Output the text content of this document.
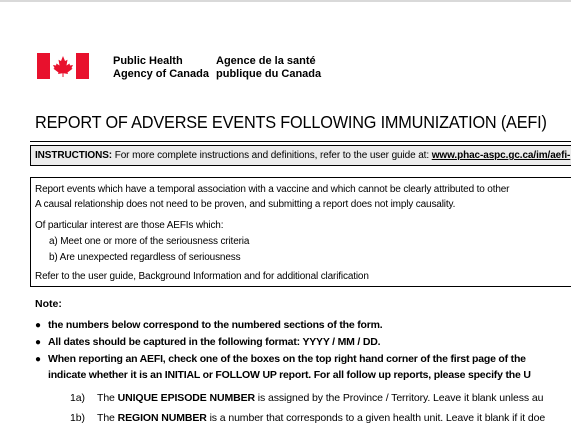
Public Health
Agency of Canada
Agence de la santé
publique du Canada
REPORT OF ADVERSE EVENTS FOLLOWING IMMUNIZATION (AEFI)
INSTRUCTIONS: For more complete instructions and definitions, refer to the user guide at: www.phac-aspc.gc.ca/im/aefi-
Report events which have a temporal association with a vaccine and which cannot be clearly attributed to other
A causal relationship does not need to be proven, and submitting a report does not imply causality.
Of particular interest are those AEFIs which:
a) Meet one or more of the seriousness criteria
b) Are unexpected regardless of seriousness
Refer to the user guide, Background Information and for additional clarification
Note:
● the numbers below correspond to the numbered sections of the form.
● All dates should be captured in the following format: YYYY / MM / DD.
● When reporting an AEFI, check one of the boxes on the top right hand corner of the first page of the
indicate whether it is an INITIAL or FOLLOW UP report. For all follow up reports, please specify the U
1a) The UNIQUE EPISODE NUMBER is assigned by the Province / Territory. Leave it blank unless au
1b) The REGION NUMBER is a number that corresponds to a given health unit. Leave it blank if it doe
